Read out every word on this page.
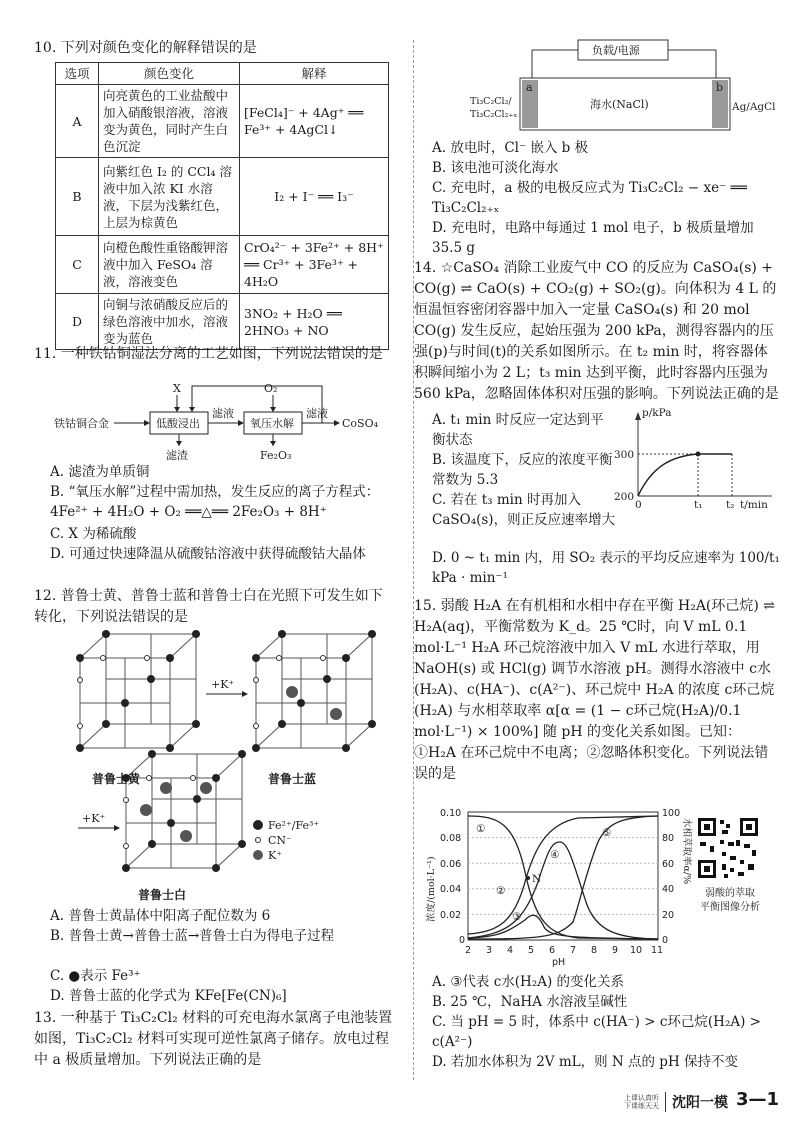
10. 下列对颜色变化的解释错误的是
选项	颜色变化	解释
A	向亮黄色的工业盐酸中加入硝酸银溶液，溶液变为黄色，同时产生白色沉淀	[FeCl₄]⁻ + 4Ag⁺ ══ Fe³⁺ + 4AgCl↓
B	向紫红色 I₂ 的 CCl₄ 溶液中加入浓 KI 水溶液，下层为浅紫红色，上层为棕黄色	I₂ + I⁻ ══ I₃⁻
C	向橙色酸性重铬酸钾溶液中加入 FeSO₄ 溶液，溶液变色	CrO₄²⁻ + 3Fe²⁺ + 8H⁺ ══ Cr³⁺ + 3Fe³⁺ + 4H₂O
D	向铜与浓硝酸反应后的绿色溶液中加水，溶液变为蓝色	3NO₂ + H₂O ══ 2HNO₃ + NO
11. 一种铁钴铜湿法分离的工艺如图，下列说法错误的是
铁钴铜合金	低酸浸出
X
滤液
滤渣
氧压水解
O₂
Fe₂O₃
滤液
CoSO₄
A. 滤渣为单质铜
B. “氧压水解”过程中需加热，发生反应的离子方程式：4Fe²⁺ + 4H₂O + O₂ ══△══ 2Fe₂O₃ + 8H⁺
C. X 为稀硫酸
D. 可通过快速降温从硫酸钴溶液中获得硫酸钴大晶体
12. 普鲁士黄、普鲁士蓝和普鲁士白在光照下可发生如下转化，下列说法错误的是
+K⁺
+K⁺
Fe²⁺/Fe³⁺
CN⁻
K⁺
普鲁士黄	普鲁士蓝
普鲁士白
A. 普鲁士黄晶体中阳离子配位数为 6
B. 普鲁士黄→普鲁士蓝→普鲁士白为得电子过程
C. ●表示 Fe³⁺
D. 普鲁士蓝的化学式为 KFe[Fe(CN)₆]
13. 一种基于 Ti₃C₂Cl₂ 材料的可充电海水氯离子电池装置如图，Ti₃C₂Cl₂ 材料可实现可逆性氯离子储存。放电过程中 a 极质量增加。下列说法正确的是
负载/电源
a	b
海水(NaCl)
Ti₃C₂Cl₂/
Ti₃C₂Cl₂₊ₓ
Ag/AgCl
A. 放电时，Cl⁻ 嵌入 b 极
B. 该电池可淡化海水
C. 充电时，a 极的电极反应式为 Ti₃C₂Cl₂ − xe⁻ ══ Ti₃C₂Cl₂₊ₓ
D. 充电时，电路中每通过 1 mol 电子，b 极质量增加 35.5 g
14. ☆CaSO₄ 消除工业废气中 CO 的反应为 CaSO₄(s) + CO(g) ⇌ CaO(s) + CO₂(g) + SO₂(g)。向体积为 4 L 的恒温恒容密闭容器中加入一定量 CaSO₄(s) 和 20 mol CO(g) 发生反应，起始压强为 200 kPa，测得容器内的压强(p)与时间(t)的关系如图所示。在 t₂ min 时，将容器体积瞬间缩小为 2 L；t₃ min 达到平衡，此时容器内压强为 560 kPa，忽略固体体积对压强的影响。下列说法正确的是
A. t₁ min 时反应一定达到平衡状态
B. 该温度下，反应的浓度平衡常数为 5.3
C. 若在 t₃ min 时再加入 CaSO₄(s)，则正反应速率增大
D. 0 ~ t₁ min 内，用 SO₂ 表示的平均反应速率为 100/t₁ kPa · min⁻¹
p/kPa
300
200
0	t₁ t₂ t/min
15. 弱酸 H₂A 在有机相和水相中存在平衡 H₂A(环己烷) ⇌ H₂A(aq)，平衡常数为 K_d。25 ℃时，向 V mL 0.1 mol·L⁻¹ H₂A 环己烷溶液中加入 V mL 水进行萃取，用 NaOH(s) 或 HCl(g) 调节水溶液 pH。测得水溶液中 c水(H₂A)、c(HA⁻)、c(A²⁻)、环己烷中 H₂A 的浓度 c环己烷(H₂A) 与水相萃取率 α[α = (1 − c环己烷(H₂A)/0.1 mol·L⁻¹) × 100%] 随 pH 的变化关系如图。已知：①H₂A 在环己烷中不电离；②忽略体积变化。下列说法错误的是
①
②
③
④
⑤
N
0.10
0.08
0.06
0.04
0.02
0
100
80
60
40
20
0
2 3 4 5 6 7 8 9 10 11
pH
浓度/(mol·L⁻¹)
水相萃取率α/%
弱酸的萃取
平衡图像分析
A. ③代表 c水(H₂A) 的变化关系
B. 25 ℃，NaHA 水溶液呈碱性
C. 当 pH = 5 时，体系中 c(HA⁻) > c环己烷(H₂A) > c(A²⁻)
D. 若加水体积为 2V mL，则 N 点的 pH 保持不变
上课认真听
下课练天天 沈阳一模 3—1
